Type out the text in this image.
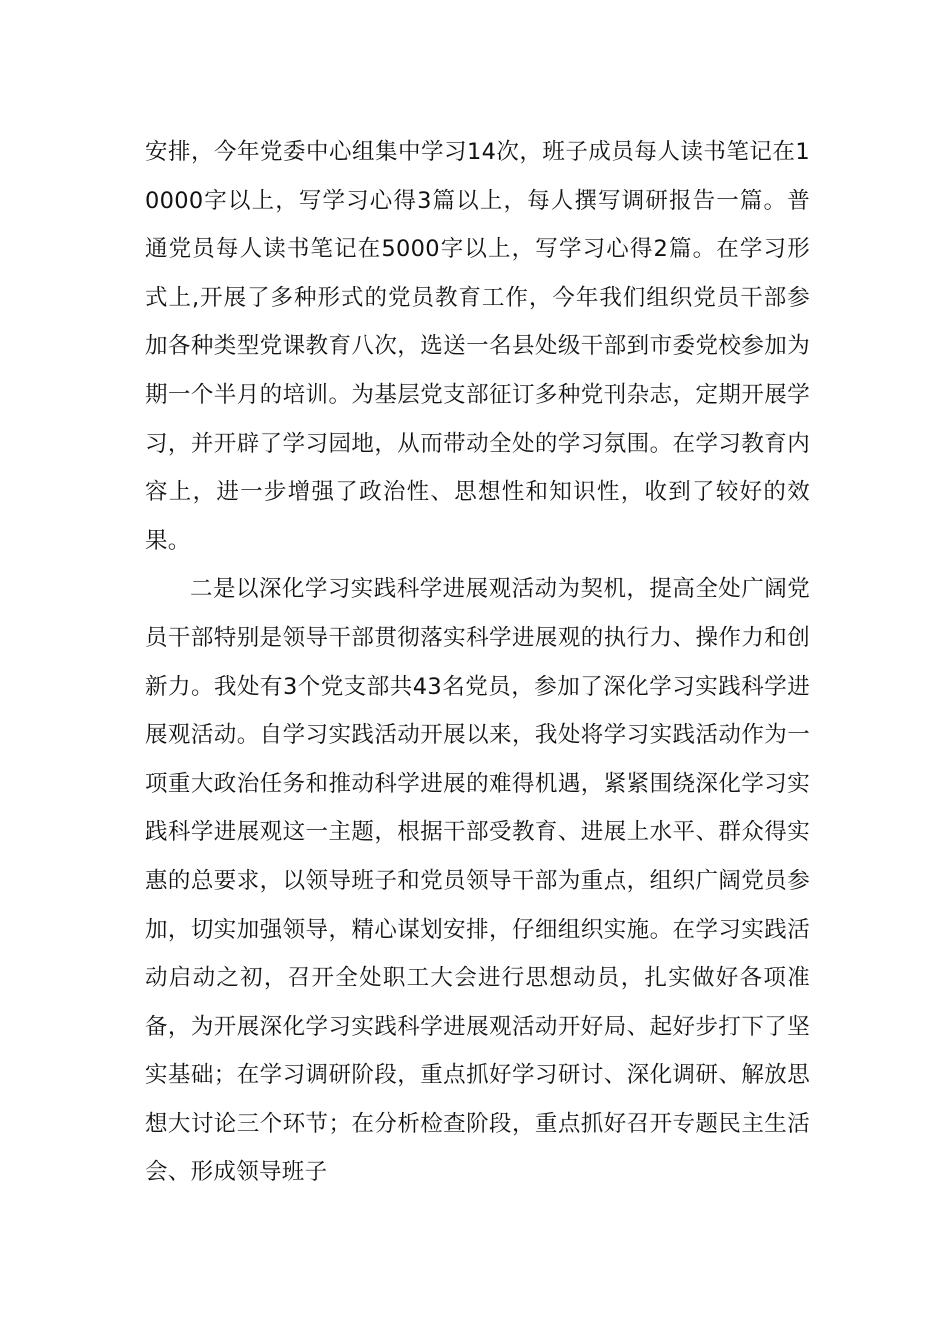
安排，今年党委中心组集中学习14次，班子成员每人读书笔记在10000字以上，写学习心得3篇以上，每人撰写调研报告一篇。普通党员每人读书笔记在5000字以上，写学习心得2篇。在学习形式上,开展了多种形式的党员教育工作，今年我们组织党员干部参加各种类型党课教育八次，选送一名县处级干部到市委党校参加为期一个半月的培训。为基层党支部征订多种党刊杂志，定期开展学习，并开辟了学习园地，从而带动全处的学习氛围。在学习教育内容上，进一步增强了政治性、思想性和知识性，收到了较好的效果。

二是以深化学习实践科学进展观活动为契机，提高全处广阔党员干部特别是领导干部贯彻落实科学进展观的执行力、操作力和创新力。我处有3个党支部共43名党员，参加了深化学习实践科学进展观活动。自学习实践活动开展以来，我处将学习实践活动作为一项重大政治任务和推动科学进展的难得机遇，紧紧围绕深化学习实践科学进展观这一主题，根据干部受教育、进展上水平、群众得实惠的总要求，以领导班子和党员领导干部为重点，组织广阔党员参加，切实加强领导，精心谋划安排，仔细组织实施。在学习实践活动启动之初，召开全处职工大会进行思想动员，扎实做好各项准备，为开展深化学习实践科学进展观活动开好局、起好步打下了坚实基础；在学习调研阶段，重点抓好学习研讨、深化调研、解放思想大讨论三个环节；在分析检查阶段，重点抓好召开专题民主生活会、形成领导班子
